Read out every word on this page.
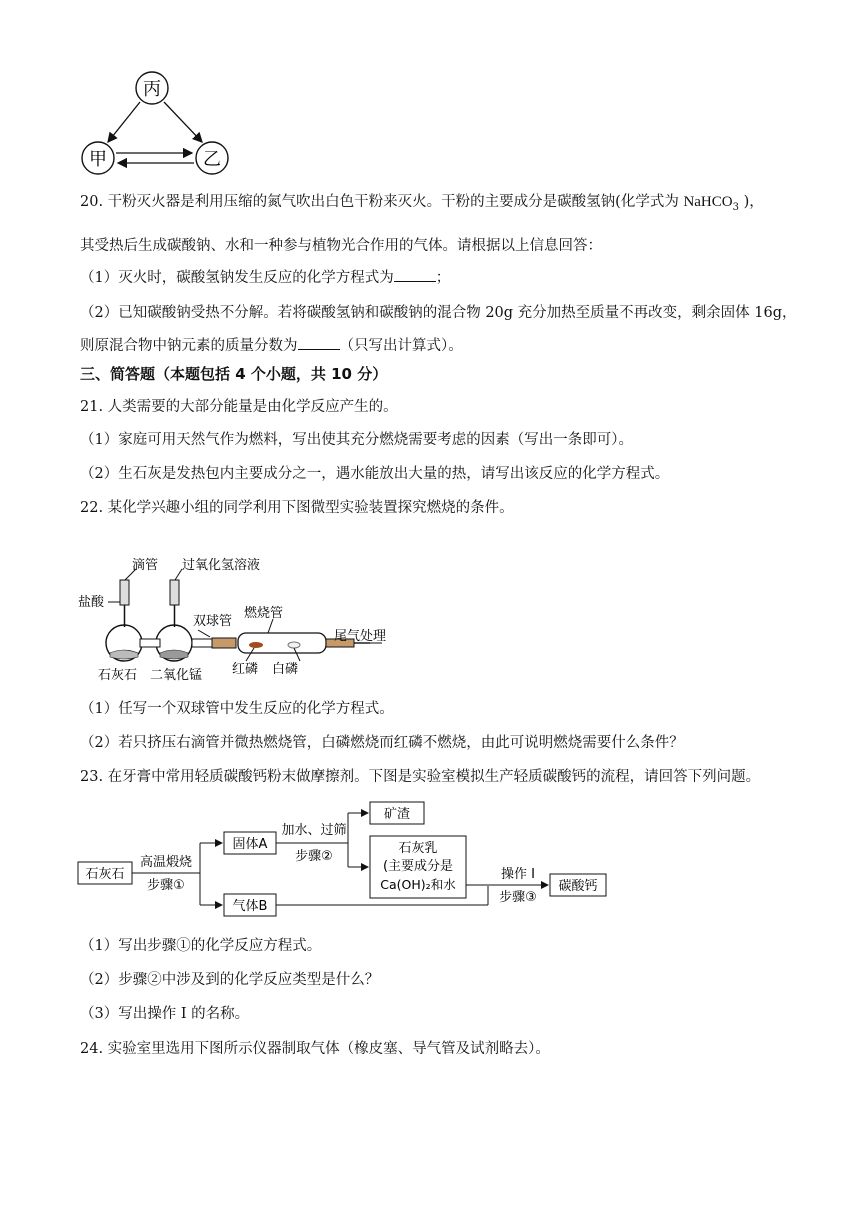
丙
甲	乙
20. 干粉灭火器是利用压缩的氮气吹出白色干粉来灭火。干粉的主要成分是碳酸氢钠(化学式为 NaHCO$_3$ )，
其受热后生成碳酸钠、水和一种参与植物光合作用的气体。请根据以上信息回答：
（1）灭火时，碳酸氢钠发生反应的化学方程式为	；
（2）已知碳酸钠受热不分解。若将碳酸氢钠和碳酸钠的混合物 20g 充分加热至质量不再改变，剩余固体 16g，
则原混合物中钠元素的质量分数为	（只写出计算式）。
三、简答题（本题包括 4 个小题，共 10 分）
21. 人类需要的大部分能量是由化学反应产生的。
（1）家庭可用天然气作为燃料，写出使其充分燃烧需要考虑的因素（写出一条即可）。
（2）生石灰是发热包内主要成分之一，遇水能放出大量的热，请写出该反应的化学方程式。
22. 某化学兴趣小组的同学利用下图微型实验装置探究燃烧的条件。
滴管 过氧化氢溶液
盐酸
双球管
燃烧管
尾气处理
石灰石 二氧化锰 红磷 白磷
（1）任写一个双球管中发生反应的化学方程式。
（2）若只挤压右滴管并微热燃烧管，白磷燃烧而红磷不燃烧，由此可说明燃烧需要什么条件？
23. 在牙膏中常用轻质碳酸钙粉末做摩擦剂。下图是实验室模拟生产轻质碳酸钙的流程，请回答下列问题。
石灰石
高温煅烧
步骤①
固体A
气体B
加水、过筛
步骤②
矿渣
石灰乳
(主要成分是
Ca(OH)₂和水
操作 Ⅰ
步骤③
碳酸钙
（1）写出步骤①的化学反应方程式。
（2）步骤②中涉及到的化学反应类型是什么？
（3）写出操作 Ⅰ 的名称。
24. 实验室里选用下图所示仪器制取气体（橡皮塞、导气管及试剂略去）。
